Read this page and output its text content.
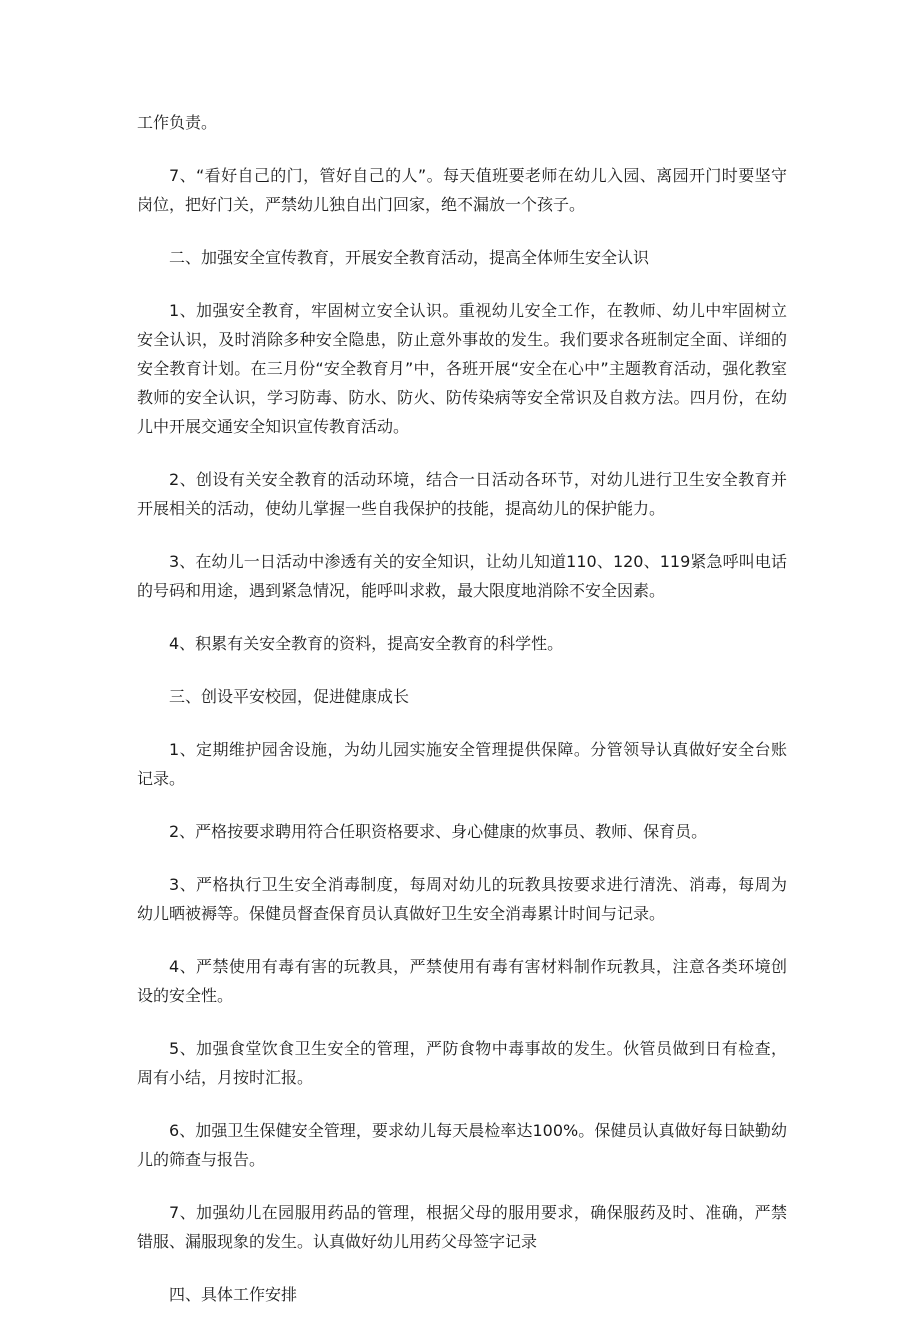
工作负责。

7、“看好自己的门，管好自己的人”。每天值班要老师在幼儿入园、离园开门时要坚守岗位，把好门关，严禁幼儿独自出门回家，绝不漏放一个孩子。

二、加强安全宣传教育，开展安全教育活动，提高全体师生安全认识

1、加强安全教育，牢固树立安全认识。重视幼儿安全工作，在教师、幼儿中牢固树立安全认识，及时消除多种安全隐患，防止意外事故的发生。我们要求各班制定全面、详细的安全教育计划。在三月份“安全教育月”中，各班开展“安全在心中”主题教育活动，强化教室教师的安全认识，学习防毒、防水、防火、防传染病等安全常识及自救方法。四月份，在幼儿中开展交通安全知识宣传教育活动。

2、创设有关安全教育的活动环境，结合一日活动各环节，对幼儿进行卫生安全教育并开展相关的活动，使幼儿掌握一些自我保护的技能，提高幼儿的保护能力。

3、在幼儿一日活动中渗透有关的安全知识，让幼儿知道110、120、119紧急呼叫电话的号码和用途，遇到紧急情况，能呼叫求救，最大限度地消除不安全因素。

4、积累有关安全教育的资料，提高安全教育的科学性。

三、创设平安校园，促进健康成长

1、定期维护园舍设施，为幼儿园实施安全管理提供保障。分管领导认真做好安全台账记录。

2、严格按要求聘用符合任职资格要求、身心健康的炊事员、教师、保育员。

3、严格执行卫生安全消毒制度，每周对幼儿的玩教具按要求进行清洗、消毒，每周为幼儿晒被褥等。保健员督查保育员认真做好卫生安全消毒累计时间与记录。

4、严禁使用有毒有害的玩教具，严禁使用有毒有害材料制作玩教具，注意各类环境创设的安全性。

5、加强食堂饮食卫生安全的管理，严防食物中毒事故的发生。伙管员做到日有检查，周有小结，月按时汇报。

6、加强卫生保健安全管理，要求幼儿每天晨检率达100%。保健员认真做好每日缺勤幼儿的筛查与报告。

7、加强幼儿在园服用药品的管理，根据父母的服用要求，确保服药及时、准确，严禁错服、漏服现象的发生。认真做好幼儿用药父母签字记录

四、具体工作安排
